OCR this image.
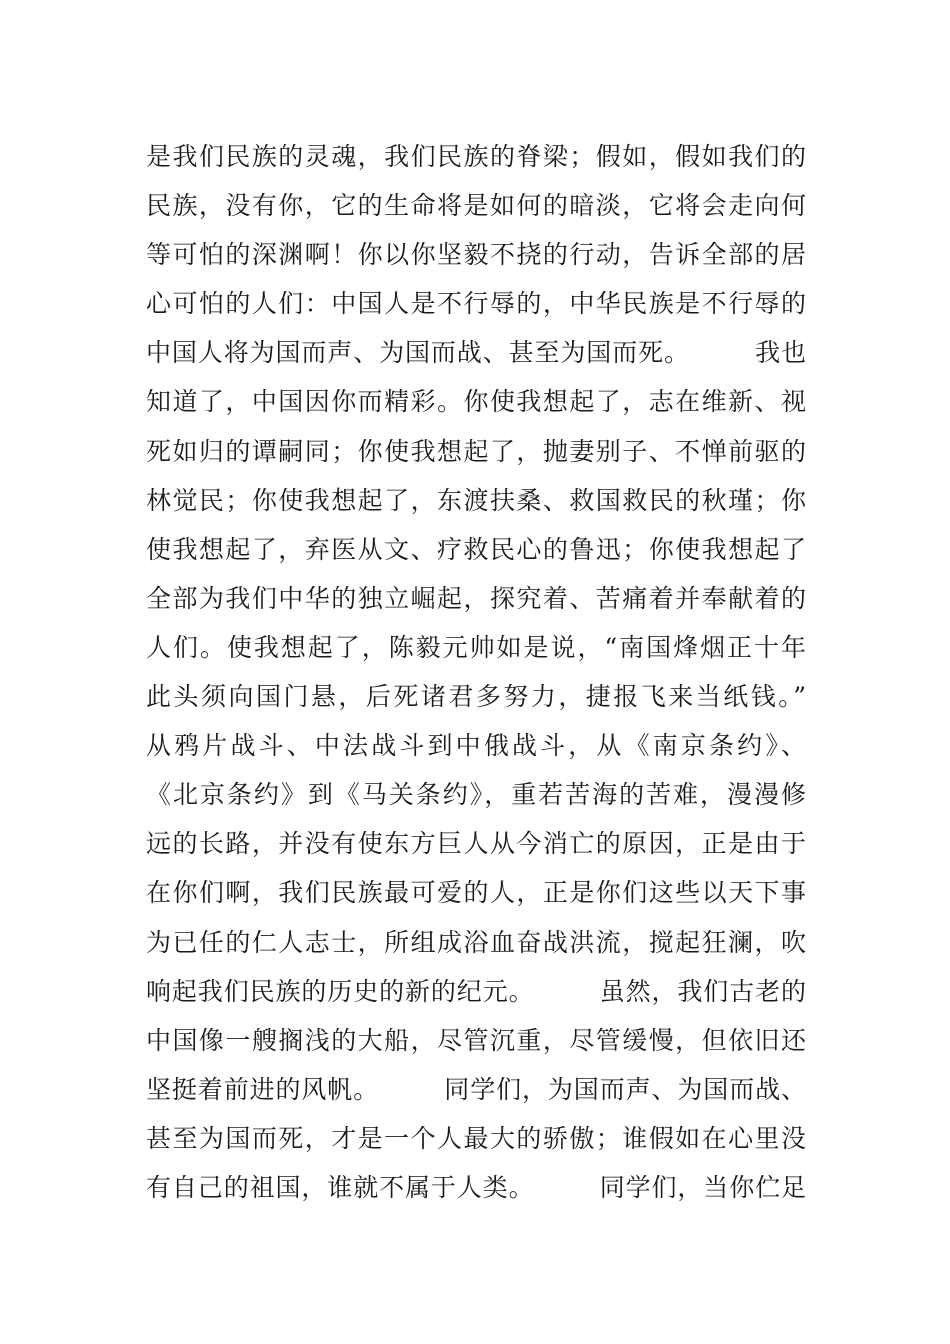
是我们民族的灵魂，我们民族的脊梁；假如，假如我们的
民族，没有你，它的生命将是如何的暗淡，它将会走向何
等可怕的深渊啊！你以你坚毅不挠的行动，告诉全部的居
心可怕的人们：中国人是不行辱的，中华民族是不行辱的
中国人将为国而声、为国而战、甚至为国而死。　　　我也
知道了，中国因你而精彩。你使我想起了，志在维新、视
死如归的谭嗣同；你使我想起了，抛妻别子、不惮前驱的
林觉民；你使我想起了，东渡扶桑、救国救民的秋瑾；你
使我想起了，弃医从文、疗救民心的鲁迅；你使我想起了
全部为我们中华的独立崛起，探究着、苦痛着并奉献着的
人们。使我想起了，陈毅元帅如是说，“南国烽烟正十年
此头须向国门悬，后死诸君多努力，捷报飞来当纸钱。”
从鸦片战斗、中法战斗到中俄战斗，从《南京条约》、
《北京条约》到《马关条约》，重若苦海的苦难，漫漫修
远的长路，并没有使东方巨人从今消亡的原因，正是由于
在你们啊，我们民族最可爱的人，正是你们这些以天下事
为已任的仁人志士，所组成浴血奋战洪流，搅起狂澜，吹
响起我们民族的历史的新的纪元。　　　虽然，我们古老的
中国像一艘搁浅的大船，尽管沉重，尽管缓慢，但依旧还
坚挺着前进的风帆。　　　同学们，为国而声、为国而战、
甚至为国而死，才是一个人最大的骄傲；谁假如在心里没
有自己的祖国，谁就不属于人类。　　　同学们，当你伫足
